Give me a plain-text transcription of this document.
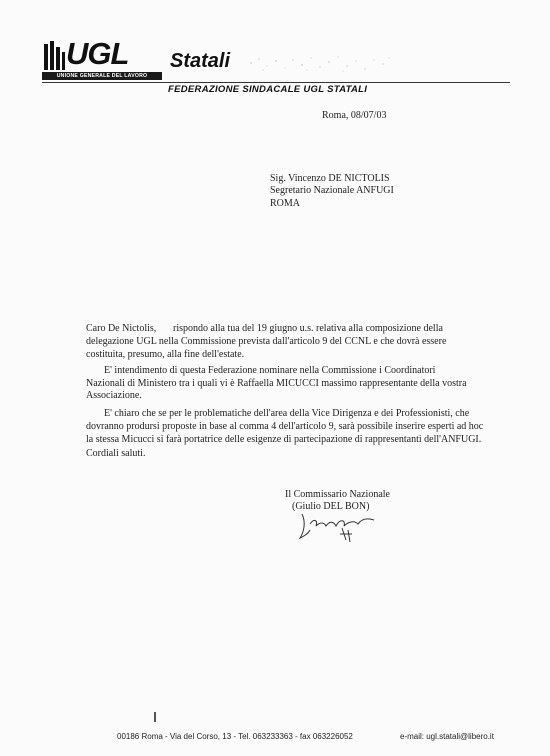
UGL
UNIONE GENERALE DEL LAVORO
Statali
FEDERAZIONE SINDACALE UGL STATALI
Roma, 08/07/03
Sig. Vincenzo DE NICTOLIS
Segretario Nazionale ANFUGI
ROMA
Caro De Nictolis, rispondo alla tua del 19 giugno u.s. relativa alla composizione della
delegazione UGL nella Commissione prevista dall'articolo 9 del CCNL e che dovrà essere
costituita, presumo, alla fine dell'estate.
E' intendimento di questa Federazione nominare nella Commissione i Coordinatori
Nazionali di Ministero tra i quali vi è Raffaella MICUCCI massimo rappresentante della vostra
Associazione.
E' chiaro che se per le problematiche dell'area della Vice Dirigenza e dei Professionisti, che
dovranno prodursi proposte in base al comma 4 dell'articolo 9, sarà possibile inserire esperti ad hoc
la stessa Micucci si farà portatrice delle esigenze di partecipazione di rappresentanti dell'ANFUGI.
Cordiali saluti.
Il Commissario Nazionale
(Giulio DEL BON)
00186 Roma - Via del Corso, 13 - Tel. 063233363 - fax 063226052	e-mail: ugl.statali@libero.it
